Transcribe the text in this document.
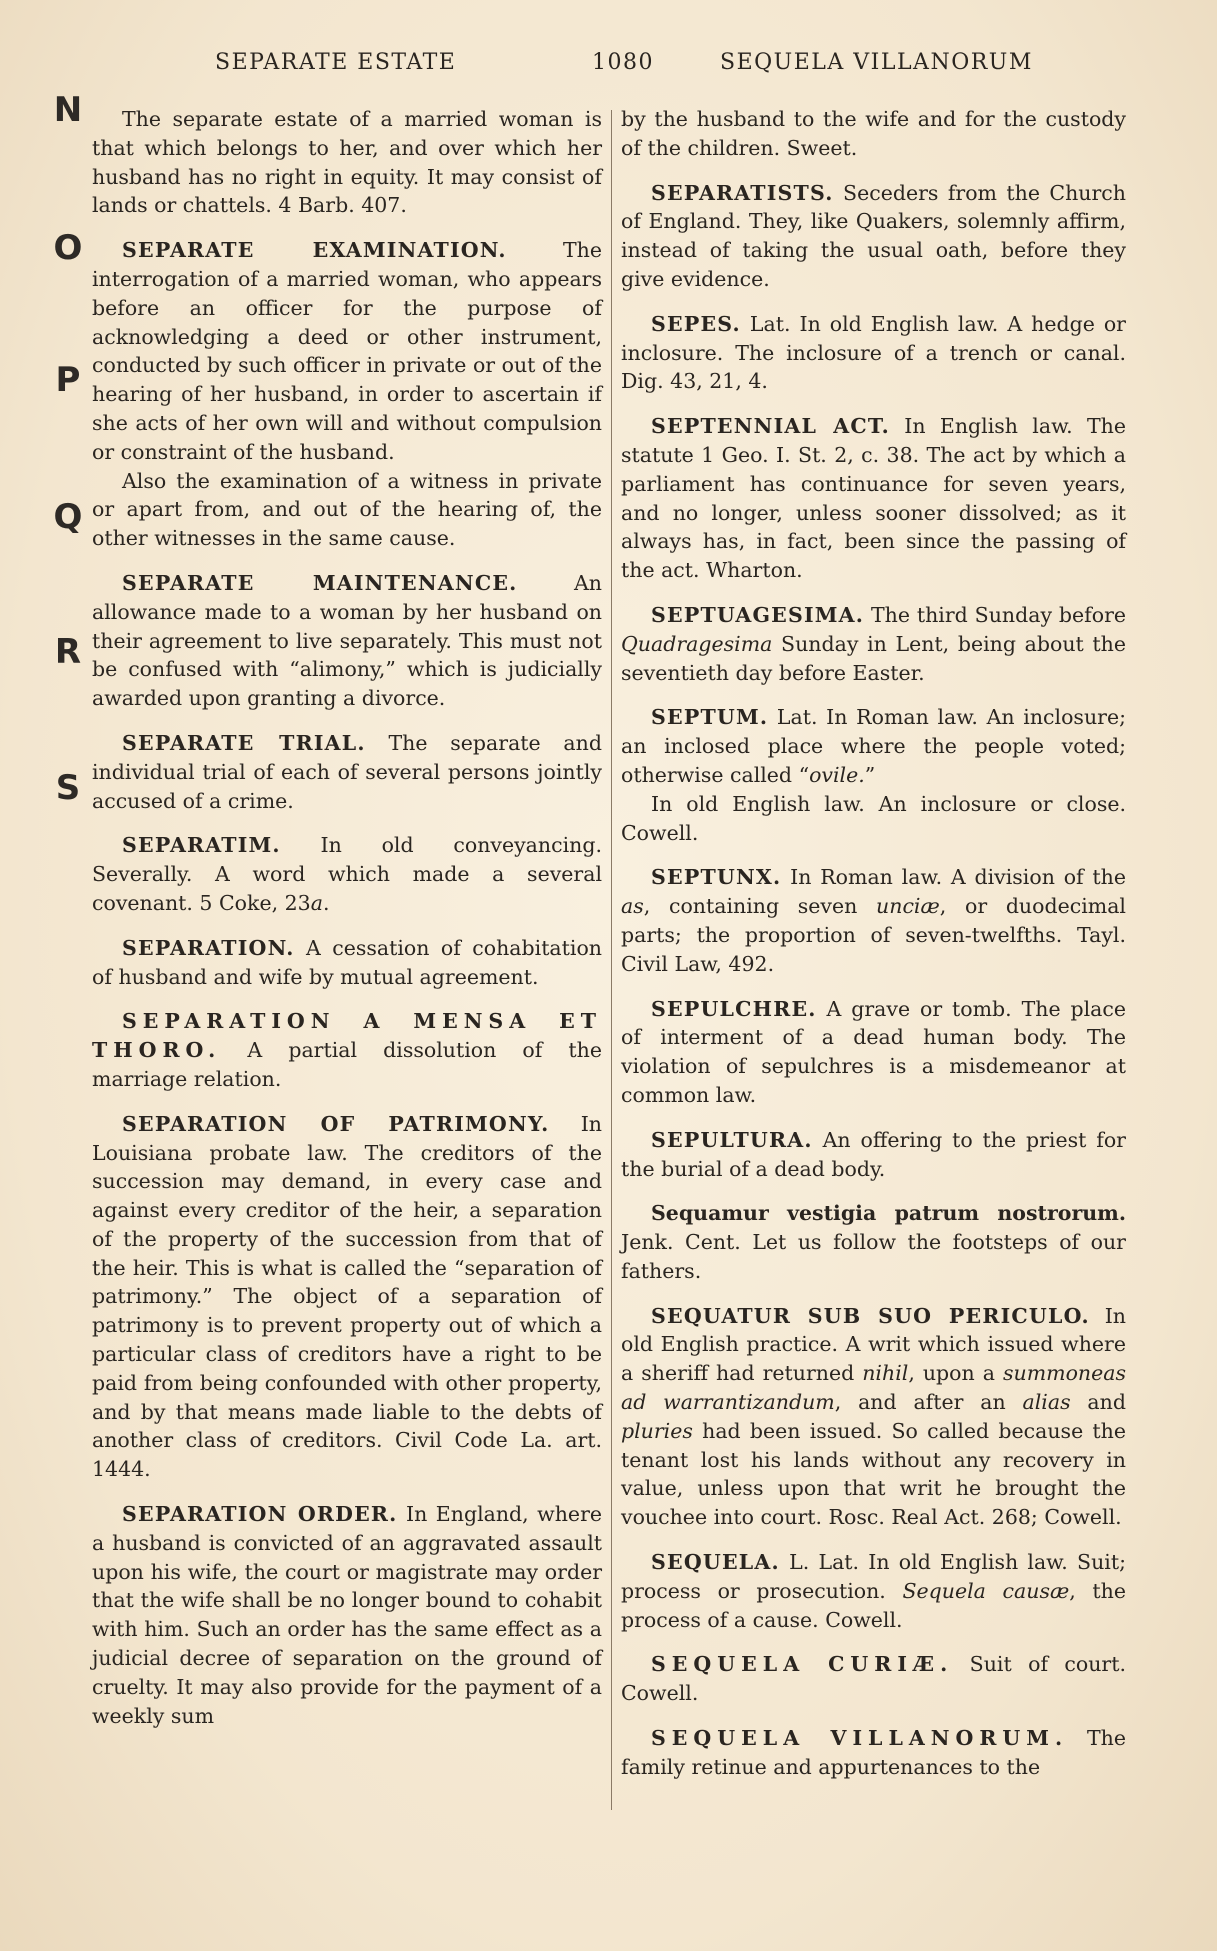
SEPARATE ESTATE	1080	SEQUELA VILLANORUM
N
O
P
Q
R
S
The separate estate of a married woman is that which belongs to her, and over which her husband has no right in equity. It may consist of lands or chattels. 4 Barb. 407.

SEPARATE EXAMINATION.	The interrogation of a married woman, who appears before an officer for the purpose of acknowledging a deed or other instrument, conducted by such officer in private or out of the hearing of her husband, in order to ascertain if she acts of her own will and without compulsion or constraint of the husband.

Also the examination of a witness in private or apart from, and out of the hearing of, the other witnesses in the same cause.

SEPARATE MAINTENANCE.	An allowance made to a woman by her husband on their agreement to live separately. This must not be confused with “alimony,” which is judicially awarded upon granting a divorce.
SEPARATE TRIAL. The separate and individual trial of each of several persons jointly accused of a crime.
SEPARATIM. In old conveyancing. Severally. A word which made a several covenant. 5 Coke, 23a.
SEPARATION. A cessation of cohabitation of husband and wife by mutual agreement.
SEPARATION A MENSA ET THORO. A partial dissolution of the marriage relation.
SEPARATION OF PATRIMONY. In Louisiana probate law. The creditors of the succession may demand, in every case and against every creditor of the heir, a separation of the property of the succession from that of the heir. This is what is called the “separation of patrimony.” The object of a separation of patrimony is to prevent property out of which a particular class of creditors have a right to be paid from being confounded with other property, and by that means made liable to the debts of another class of creditors. Civil Code La. art. 1444.
SEPARATION ORDER. In England, where a husband is convicted of an aggravated assault upon his wife, the court or magistrate may order that the wife shall be no longer bound to cohabit with him. Such an order has the same effect as a judicial decree of separation on the ground of cruelty. It may also provide for the payment of a weekly sum
by the husband to the wife and for the custody of the children. Sweet.
SEPARATISTS. Seceders from the Church of England. They, like Quakers, solemnly affirm, instead of taking the usual oath, before they give evidence.
SEPES. Lat. In old English law. A hedge or inclosure. The inclosure of a trench or canal. Dig. 43, 21, 4.
SEPTENNIAL ACT. In English law. The statute 1 Geo. I. St. 2, c. 38. The act by which a parliament has continuance for seven years, and no longer, unless sooner dissolved; as it always has, in fact, been since the passing of the act. Wharton.
SEPTUAGESIMA. The third Sunday before Quadragesima Sunday in Lent, being about the seventieth day before Easter.

SEPTUM. Lat. In Roman law. An inclosure; an inclosed place where the people voted; otherwise called “ovile.”

In old English law. An inclosure or close. Cowell.

SEPTUNX. In Roman law. A division of the as, containing seven unciæ, or duodecimal parts; the proportion of seven-twelfths. Tayl. Civil Law, 492.
SEPULCHRE. A grave or tomb. The place of interment of a dead human body. The violation of sepulchres is a misdemeanor at common law.
SEPULTURA. An offering to the priest for the burial of a dead body.
Sequamur vestigia patrum nostrorum. Jenk. Cent. Let us follow the footsteps of our fathers.
SEQUATUR SUB SUO PERICULO. In old English practice. A writ which issued where a sheriff had returned nihil, upon a summoneas ad warrantizandum, and after an alias and pluries had been issued. So called because the tenant lost his lands without any recovery in value, unless upon that writ he brought the vouchee into court. Rosc. Real Act. 268; Cowell.
SEQUELA. L. Lat. In old English law. Suit; process or prosecution. Sequela causæ, the process of a cause. Cowell.
SEQUELA CURIÆ. Suit of court. Cowell.
SEQUELA VILLANORUM. The family retinue and appurtenances to the
